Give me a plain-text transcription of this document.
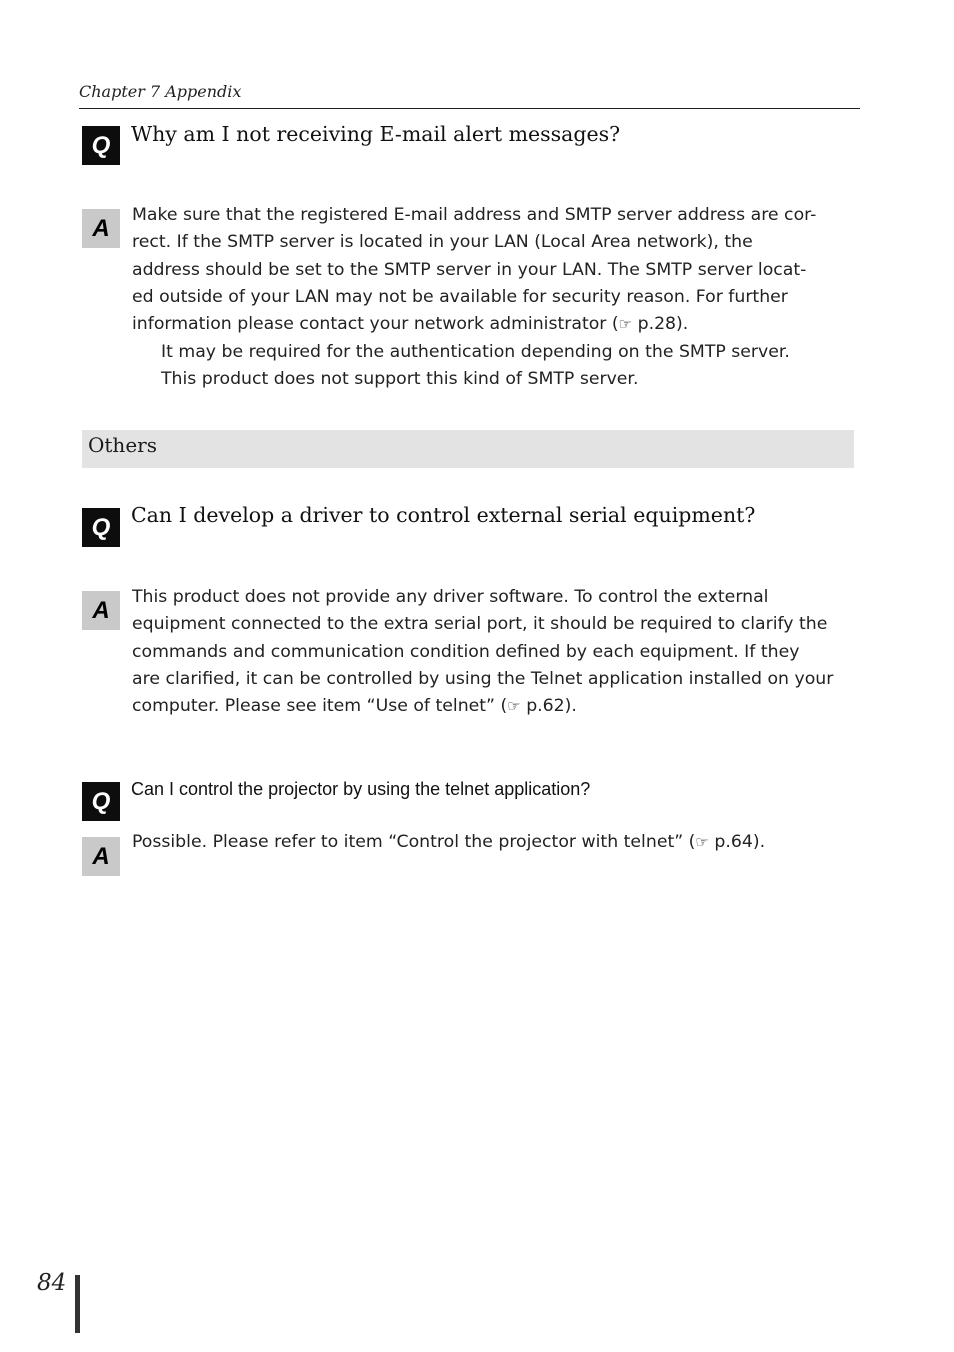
Chapter 7 Appendix
Q	Why am I not receiving E-mail alert messages?
A	Make sure that the registered E-mail address and SMTP server address are cor-
rect. If the SMTP server is located in your LAN (Local Area network), the
address should be set to the SMTP server in your LAN. The SMTP server locat-
ed outside of your LAN may not be available for security reason. For further
information please contact your network administrator (☞ p.28).
It may be required for the authentication depending on the SMTP server.
This product does not support this kind of SMTP server.
Others
Q	Can I develop a driver to control external serial equipment?
A	This product does not provide any driver software. To control the external
equipment connected to the extra serial port, it should be required to clarify the
commands and communication condition defined by each equipment. If they
are clarified, it can be controlled by using the Telnet application installed on your
computer. Please see item “Use of telnet” (☞ p.62).
Q	Can I control the projector by using the telnet application?
A
Possible. Please refer to item “Control the projector with telnet” (☞ p.64).
84
